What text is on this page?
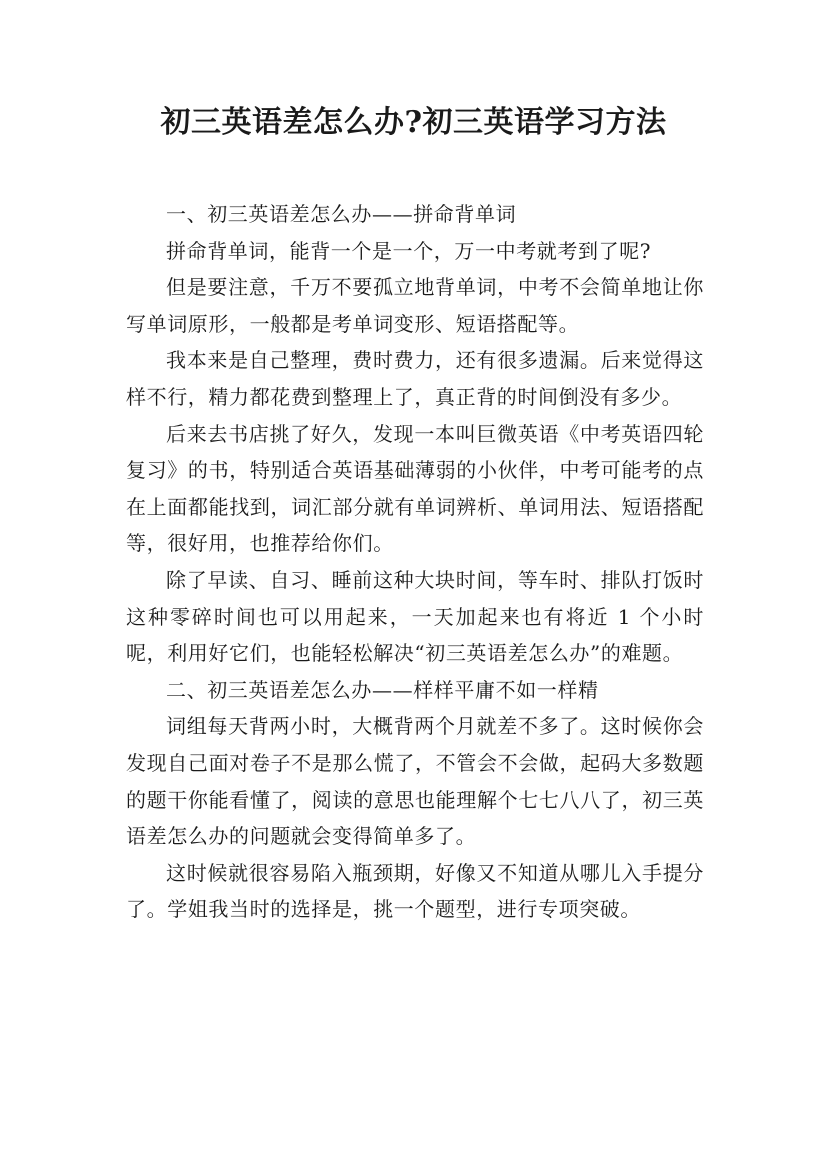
初三英语差怎么办?初三英语学习方法

一、初三英语差怎么办——拼命背单词

拼命背单词，能背一个是一个，万一中考就考到了呢?

但是要注意，千万不要孤立地背单词，中考不会简单地让你写单词原形，一般都是考单词变形、短语搭配等。

我本来是自己整理，费时费力，还有很多遗漏。后来觉得这样不行，精力都花费到整理上了，真正背的时间倒没有多少。

后来去书店挑了好久，发现一本叫巨微英语《中考英语四轮复习》的书，特别适合英语基础薄弱的小伙伴，中考可能考的点在上面都能找到，词汇部分就有单词辨析、单词用法、短语搭配等，很好用，也推荐给你们。

除了早读、自习、睡前这种大块时间，等车时、排队打饭时这种零碎时间也可以用起来，一天加起来也有将近 1 个小时呢，利用好它们，也能轻松解决“初三英语差怎么办”的难题。

二、初三英语差怎么办——样样平庸不如一样精

词组每天背两小时，大概背两个月就差不多了。这时候你会发现自己面对卷子不是那么慌了，不管会不会做，起码大多数题的题干你能看懂了，阅读的意思也能理解个七七八八了，初三英语差怎么办的问题就会变得简单多了。

这时候就很容易陷入瓶颈期，好像又不知道从哪儿入手提分了。学姐我当时的选择是，挑一个题型，进行专项突破。
